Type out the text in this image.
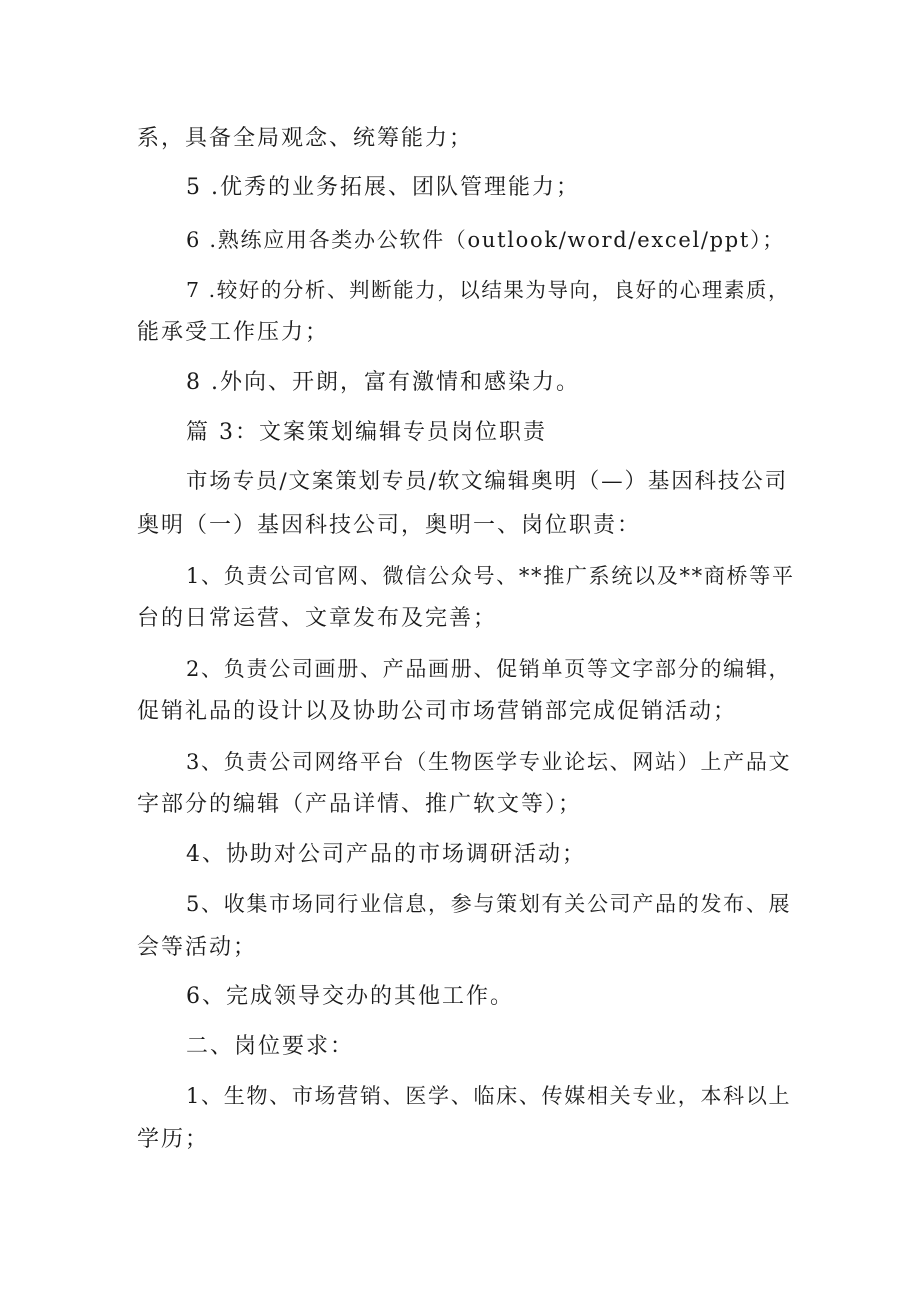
系，具备全局观念、统筹能力；
5 .优秀的业务拓展、团队管理能力；
6 .熟练应用各类办公软件（outlook/word/excel/ppt）；
7 .较好的分析、判断能力，以结果为导向，良好的心理素质，
能承受工作压力；
8 .外向、开朗，富有激情和感染力。
篇 3：文案策划编辑专员岗位职责
市场专员/文案策划专员/软文编辑奥明（—）基因科技公司
奥明（一）基因科技公司，奥明一、岗位职责：
1、负责公司官网、微信公众号、**推广系统以及**商桥等平
台的日常运营、文章发布及完善；
2、负责公司画册、产品画册、促销单页等文字部分的编辑，
促销礼品的设计以及协助公司市场营销部完成促销活动；
3、负责公司网络平台（生物医学专业论坛、网站）上产品文
字部分的编辑（产品详情、推广软文等）；
4、协助对公司产品的市场调研活动；
5、收集市场同行业信息，参与策划有关公司产品的发布、展
会等活动；
6、完成领导交办的其他工作。
二、岗位要求：
1、生物、市场营销、医学、临床、传媒相关专业，本科以上
学历；
